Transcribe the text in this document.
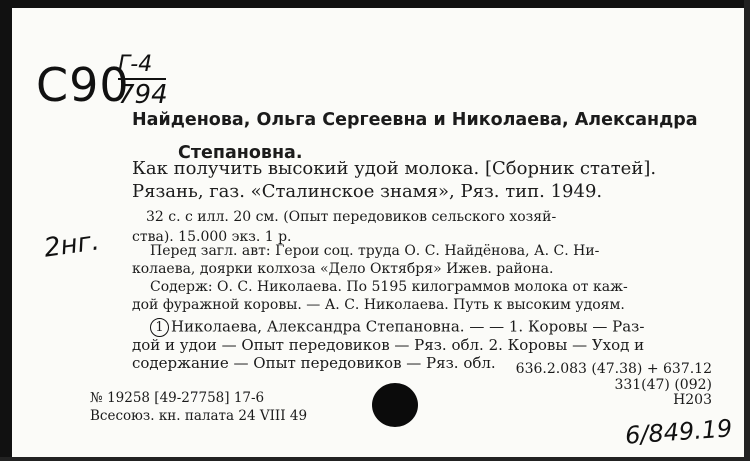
С90
Г-4
794
Найденова, Ольга Сергеевна и Николаева, Александра
Степановна.
Как получить высокий удой молока. [Сборник статей].
Рязань, газ. «Сталинское знамя», Ряз. тип. 1949.
32 с. с илл. 20 см. (Опыт передовиков сельского хозяй-
ства). 15.000 экз. 1 р.
2нг.	Перед загл. авт: Герои соц. труда О. С. Найдёнова, А. С. Ни-
колаева, доярки колхоза «Дело Октября» Ижев. района.
Содерж: О. С. Николаева. По 5195 килограммов молока от каж-
дой фуражной коровы. — А. С. Николаева. Путь к высоким удоям.
1 Николаева, Александра Степановна. — — 1. Коровы — Раз-
дой и удои — Опыт передовиков — Ряз. обл. 2. Коровы — Уход и
содержание — Опыт передовиков — Ряз. обл. 636.2.083 (47.38) + 637.12
331(47) (092)
Н203
№ 19258 [49-27758] 17-6
Всесоюз. кн. палата 24 VIII 49	6/849.19
